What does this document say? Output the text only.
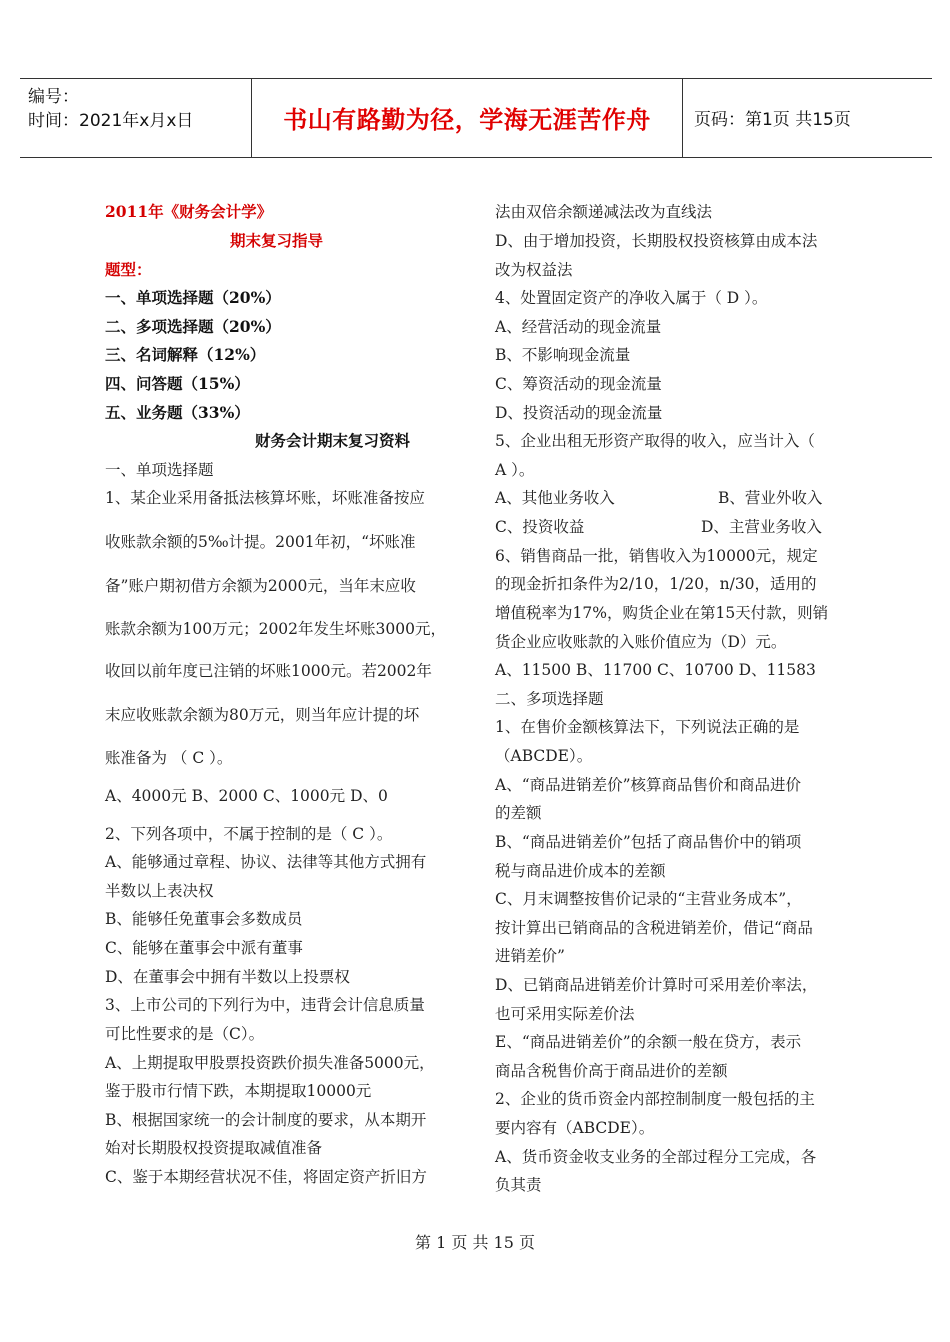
编号：
时间：2021年x月x日	书山有路勤为径，学海无涯苦作舟	页码：第1页 共15页
2011年《财务会计学》
期末复习指导
题型：
一、单项选择题（20%）
二、多项选择题（20%）
三、名词解释（12%）
四、问答题（15%）
五、业务题（33%）
财务会计期末复习资料
一、单项选择题
1、某企业采用备抵法核算坏账，坏账准备按应
收账款余额的5‰计提。2001年初，“坏账准
备”账户期初借方余额为2000元，当年末应收
账款余额为100万元；2002年发生坏账3000元，
收回以前年度已注销的坏账1000元。若2002年
末应收账款余额为80万元，则当年应计提的坏
账准备为 （ C ）。
A、4000元 B、2000 C、1000元 D、0
2、下列各项中，不属于控制的是（ C ）。
A、能够通过章程、协议、法律等其他方式拥有
半数以上表决权
B、能够任免董事会多数成员
C、能够在董事会中派有董事
D、在董事会中拥有半数以上投票权
3、上市公司的下列行为中，违背会计信息质量
可比性要求的是（C）。
A、上期提取甲股票投资跌价损失准备5000元，
鉴于股市行情下跌，本期提取10000元
B、根据国家统一的会计制度的要求，从本期开
始对长期股权投资提取减值准备
C、鉴于本期经营状况不佳，将固定资产折旧方
法由双倍余额递减法改为直线法
D、由于增加投资，长期股权投资核算由成本法
改为权益法
4、处置固定资产的净收入属于（ D ）。
A、经营活动的现金流量
B、不影响现金流量
C、筹资活动的现金流量
D、投资活动的现金流量
5、企业出租无形资产取得的收入，应当计入（
A ）。
A、其他业务收入	B、营业外收入
C、投资收益	D、主营业务收入
6、销售商品一批，销售收入为10000元，规定
的现金折扣条件为2/10，1/20，n/30，适用的
增值税率为17%，购货企业在第15天付款，则销
货企业应收账款的入账价值应为（D）元。
A、11500 B、11700 C、10700 D、11583
二、多项选择题
1、在售价金额核算法下，下列说法正确的是
（ABCDE）。
A、“商品进销差价”核算商品售价和商品进价
的差额
B、“商品进销差价”包括了商品售价中的销项
税与商品进价成本的差额
C、月末调整按售价记录的“主营业务成本”，
按计算出已销商品的含税进销差价，借记“商品
进销差价”
D、已销商品进销差价计算时可采用差价率法，
也可采用实际差价法
E、“商品进销差价”的余额一般在贷方，表示
商品含税售价高于商品进价的差额
2、企业的货币资金内部控制制度一般包括的主
要内容有（ABCDE）。
A、货币资金收支业务的全部过程分工完成，各
负其责
第 1 页 共 15 页
